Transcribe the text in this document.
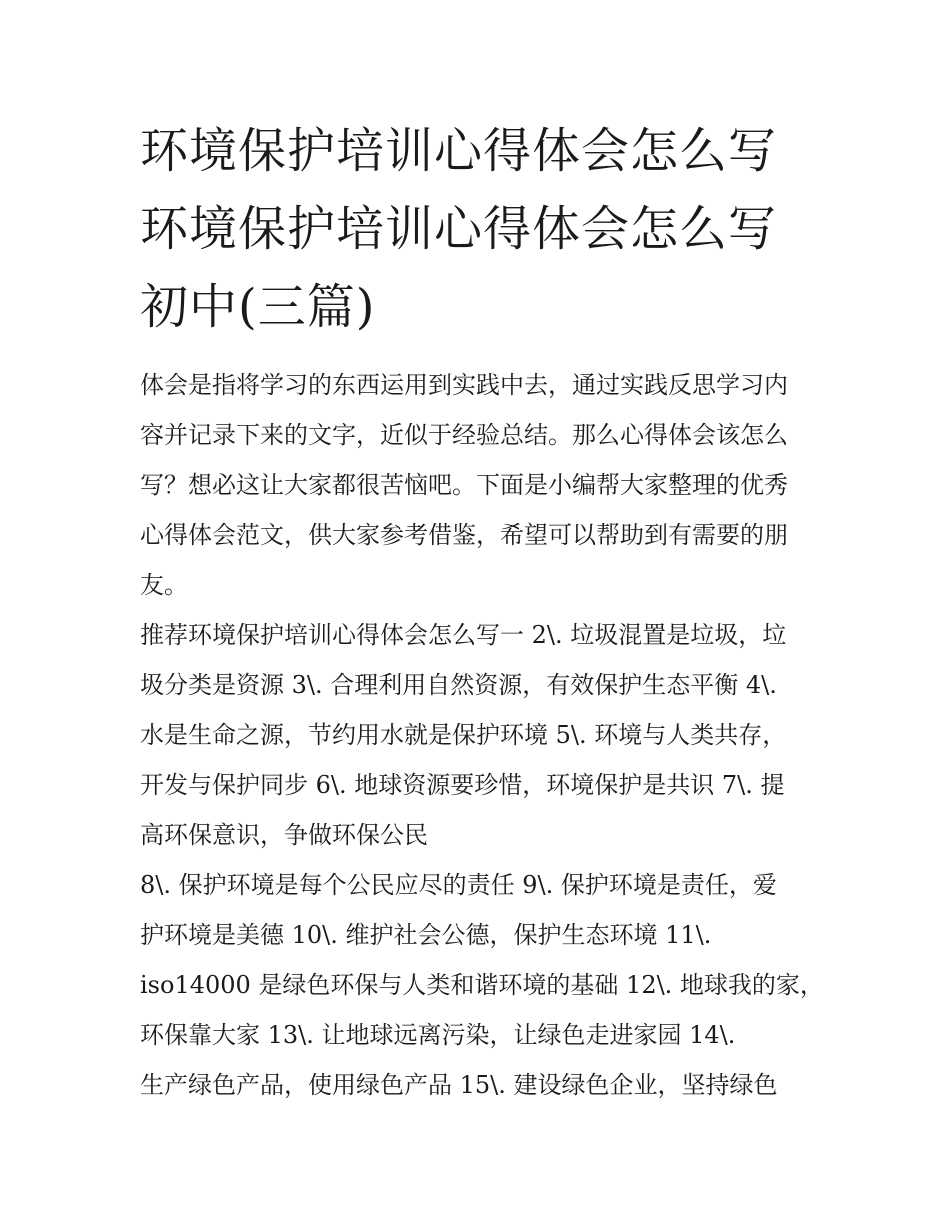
环境保护培训心得体会怎么写
环境保护培训心得体会怎么写
初中(三篇)

体会是指将学习的东西运用到实践中去，通过实践反思学习内
容并记录下来的文字，近似于经验总结。那么心得体会该怎么
写？想必这让大家都很苦恼吧。下面是小编帮大家整理的优秀
心得体会范文，供大家参考借鉴，希望可以帮助到有需要的朋
友。

推荐环境保护培训心得体会怎么写一 2\. 垃圾混置是垃圾，垃
圾分类是资源 3\. 合理利用自然资源，有效保护生态平衡 4\.
水是生命之源，节约用水就是保护环境 5\. 环境与人类共存，
开发与保护同步 6\. 地球资源要珍惜，环境保护是共识 7\. 提
高环保意识，争做环保公民

8\. 保护环境是每个公民应尽的责任 9\. 保护环境是责任，爱
护环境是美德 10\. 维护社会公德，保护生态环境 11\.
iso14000 是绿色环保与人类和谐环境的基础 12\. 地球我的家，
环保靠大家 13\. 让地球远离污染，让绿色走进家园 14\.
生产绿色产品，使用绿色产品 15\. 建设绿色企业，坚持绿色
